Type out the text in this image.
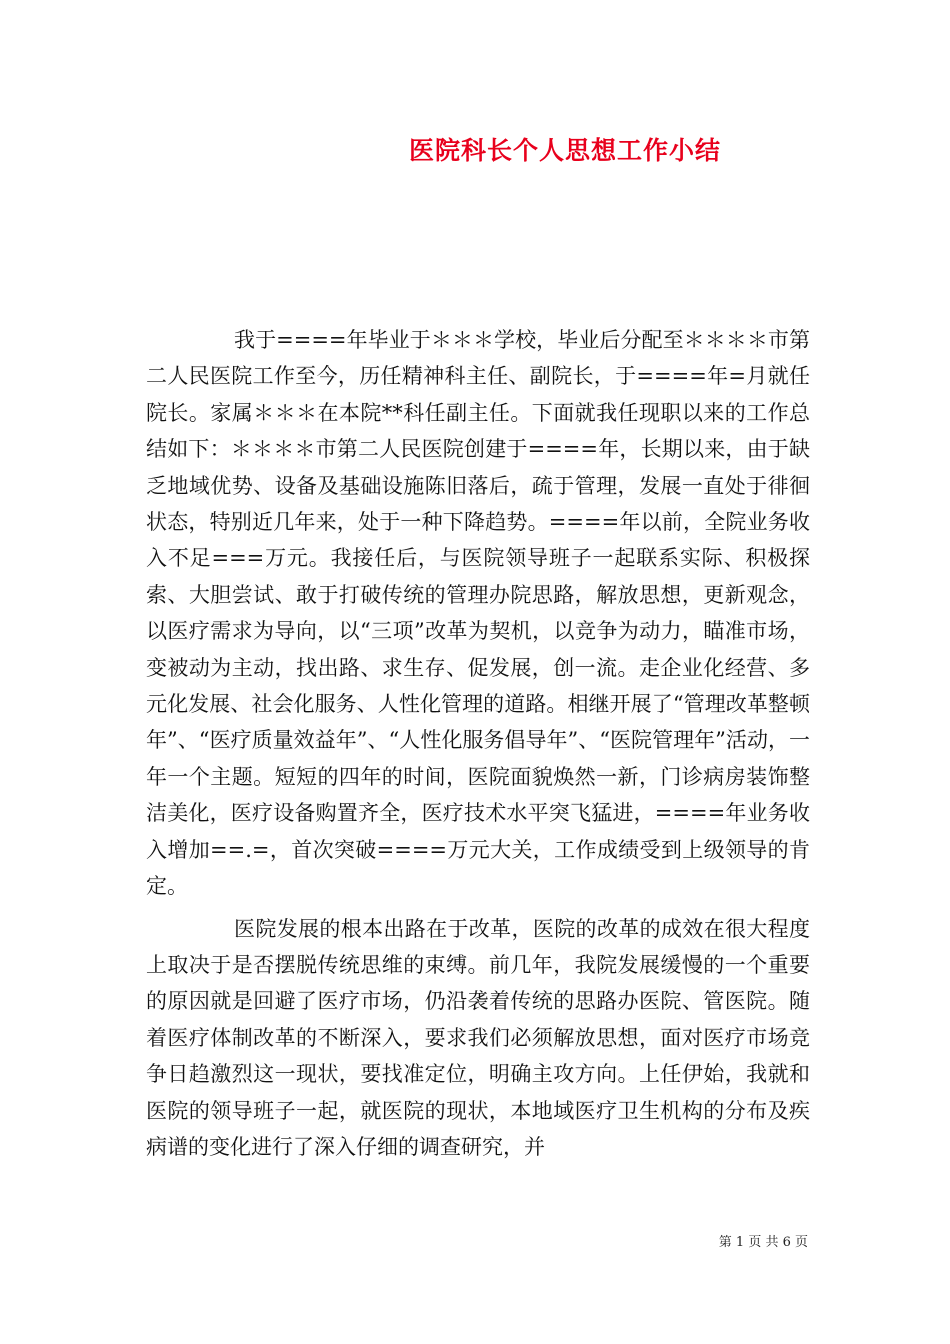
医院科长个人思想工作小结

我于====年毕业于＊＊＊学校，毕业后分配至＊＊＊＊市第二人民医院工作至今，历任精神科主任、副院长，于====年=月就任院长。家属＊＊＊在本院**科任副主任。下面就我任现职以来的工作总结如下：＊＊＊＊市第二人民医院创建于====年，长期以来，由于缺乏地域优势、设备及基础设施陈旧落后，疏于管理，发展一直处于徘徊状态，特别近几年来，处于一种下降趋势。====年以前，全院业务收入不足===万元。我接任后，与医院领导班子一起联系实际、积极探索、大胆尝试、敢于打破传统的管理办院思路，解放思想，更新观念，以医疗需求为导向，以“三项”改革为契机，以竞争为动力，瞄准市场，变被动为主动，找出路、求生存、促发展，创一流。走企业化经营、多元化发展、社会化服务、人性化管理的道路。相继开展了“管理改革整顿年”、“医疗质量效益年”、“人性化服务倡导年”、“医院管理年”活动，一年一个主题。短短的四年的时间，医院面貌焕然一新，门诊病房装饰整洁美化，医疗设备购置齐全，医疗技术水平突飞猛进，====年业务收入增加==.=，首次突破====万元大关，工作成绩受到上级领导的肯定。

医院发展的根本出路在于改革，医院的改革的成效在很大程度上取决于是否摆脱传统思维的束缚。前几年，我院发展缓慢的一个重要的原因就是回避了医疗市场，仍沿袭着传统的思路办医院、管医院。随着医疗体制改革的不断深入，要求我们必须解放思想，面对医疗市场竞争日趋激烈这一现状，要找准定位，明确主攻方向。上任伊始，我就和医院的领导班子一起，就医院的现状，本地域医疗卫生机构的分布及疾病谱的变化进行了深入仔细的调查研究，并

第 1 页 共 6 页
